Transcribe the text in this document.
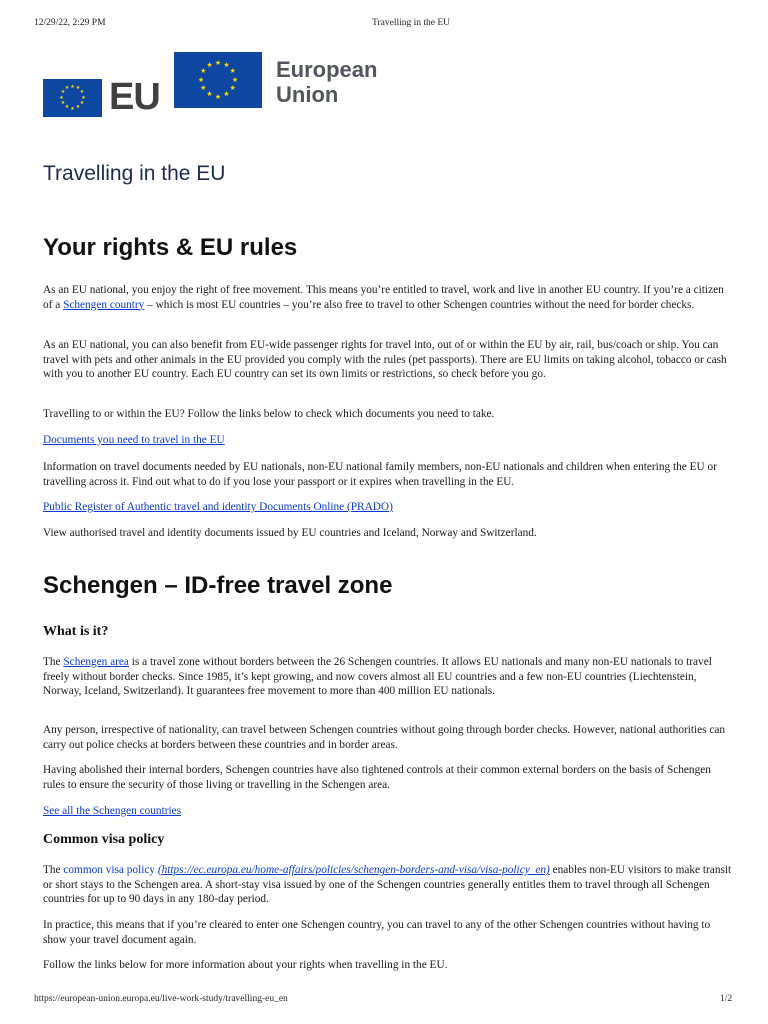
12/29/22, 2:29 PM	Travelling in the EU
★ ★
★
★
★
★
★
★
★
★
★
★ EU
★ ★
★
★
★
★
★
★
★
★
★
★	European
Union
Travelling in the EU
Your rights & EU rules

As an EU national, you enjoy the right of free movement. This means you’re entitled to travel, work and live in another EU country. If you’re a citizen of a Schengen country – which is most EU countries – you’re also free to travel to other Schengen countries without the need for border checks.

As an EU national, you can also benefit from EU-wide passenger rights for travel into, out of or within the EU by air, rail, bus/coach or ship. You can travel with pets and other animals in the EU provided you comply with the rules (pet passports). There are EU limits on taking alcohol, tobacco or cash with you to another EU country. Each EU country can set its own limits or restrictions, so check before you go.

Travelling to or within the EU? Follow the links below to check which documents you need to take.

Documents you need to travel in the EU

Information on travel documents needed by EU nationals, non-EU national family members, non-EU nationals and children when entering the EU or travelling across it. Find out what to do if you lose your passport or it expires when travelling in the EU.

Public Register of Authentic travel and identity Documents Online (PRADO)

View authorised travel and identity documents issued by EU countries and Iceland, Norway and Switzerland.

Schengen – ID-free travel zone
What is it?

The Schengen area is a travel zone without borders between the 26 Schengen countries. It allows EU nationals and many non-EU nationals to travel freely without border checks. Since 1985, it’s kept growing, and now covers almost all EU countries and a few non-EU countries (Liechtenstein, Norway, Iceland, Switzerland). It guarantees free movement to more than 400 million EU nationals.

Any person, irrespective of nationality, can travel between Schengen countries without going through border checks. However, national authorities can carry out police checks at borders between these countries and in border areas.

Having abolished their internal borders, Schengen countries have also tightened controls at their common external borders on the basis of Schengen rules to ensure the security of those living or travelling in the Schengen area.

See all the Schengen countries

Common visa policy

The common visa policy (https://ec.europa.eu/home-affairs/policies/schengen-borders-and-visa/visa-policy_en) enables non-EU visitors to make transit or short stays to the Schengen area. A short-stay visa issued by one of the Schengen countries generally entitles them to travel through all Schengen countries for up to 90 days in any 180-day period.

In practice, this means that if you’re cleared to enter one Schengen country, you can travel to any of the other Schengen countries without having to show your travel document again.

Follow the links below for more information about your rights when travelling in the EU.

https://european-union.europa.eu/live-work-study/travelling-eu_en	1/2
